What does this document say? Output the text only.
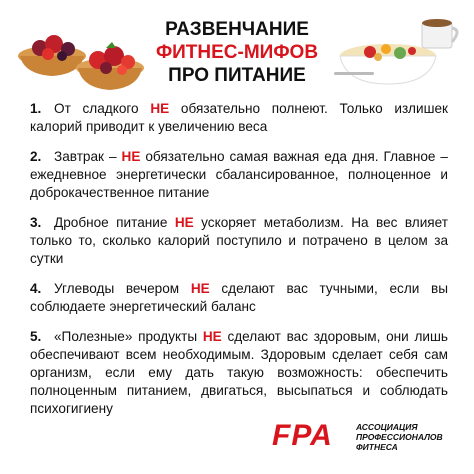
РАЗВЕНЧАНИЕ
ФИТНЕС-МИФОВ
ПРО ПИТАНИЕ
1. От сладкого НЕ обязательно полнеют. Только излишек калорий приводит к увеличению веса
2. Завтрак – НЕ обязательно самая важная еда дня. Главное – ежедневное энергетически сбалансированное, полноценное и доброкачественное питание
3. Дробное питание НЕ ускоряет метаболизм. На вес влияет только то, сколько калорий поступило и потрачено в целом за сутки
4. Углеводы вечером НЕ сделают вас тучными, если вы соблюдаете энергетический баланс
5. «Полезные» продукты НЕ сделают вас здоровым, они лишь обеспечивают всем необходимым. Здоровым сделает себя сам организм, если ему дать такую возможность: обеспечить полноценным питанием, двигаться, высыпаться и соблюдать психогигиену
FPA	АССОЦИАЦИЯ
ПРОФЕССИОНАЛОВ
ФИТНЕСА
